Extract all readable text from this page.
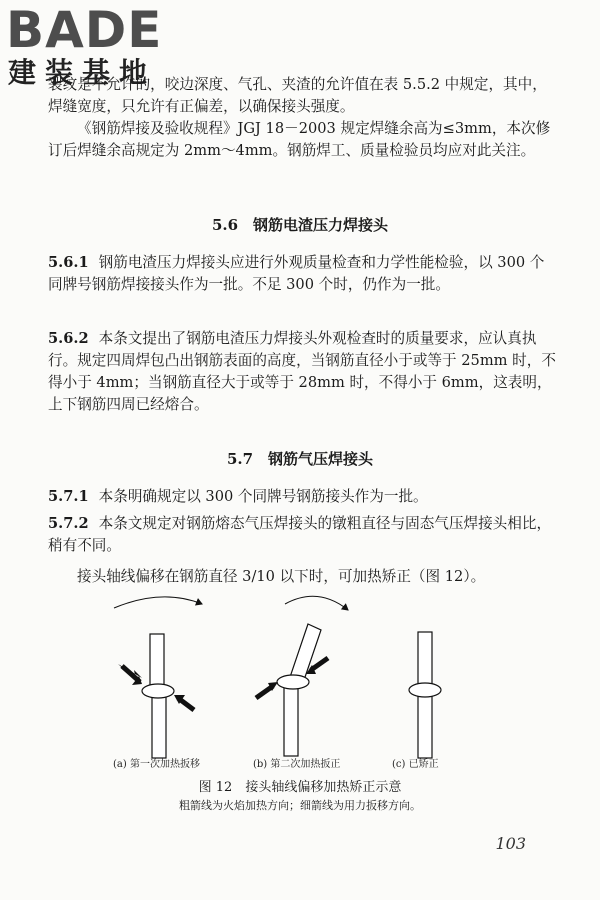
BADE
建装基地
裂纹是不允许的，咬边深度、气孔、夹渣的允许值在表 5.5.2 中规定，其中，焊缝宽度，只允许有正偏差，以确保接头强度。
《钢筋焊接及验收规程》JGJ 18－2003 规定焊缝余高为≤3mm，本次修订后焊缝余高规定为 2mm～4mm。钢筋焊工、质量检验员均应对此关注。
5.6　钢筋电渣压力焊接头
5.6.1 钢筋电渣压力焊接头应进行外观质量检查和力学性能检验，以 300 个同牌号钢筋焊接接头作为一批。不足 300 个时，仍作为一批。
5.6.2 本条文提出了钢筋电渣压力焊接头外观检查时的质量要求，应认真执行。规定四周焊包凸出钢筋表面的高度，当钢筋直径小于或等于 25mm 时，不得小于 4mm；当钢筋直径大于或等于 28mm 时，不得小于 6mm，这表明，上下钢筋四周已经熔合。
5.7　钢筋气压焊接头
5.7.1 本条明确规定以 300 个同牌号钢筋接头作为一批。
5.7.2 本条文规定对钢筋熔态气压焊接头的镦粗直径与固态气压焊接头相比，稍有不同。
接头轴线偏移在钢筋直径 3/10 以下时，可加热矫正（图 12）。
(a) 第一次加热扳移	(b) 第二次加热扳正	(c) 已矫正
图 12　接头轴线偏移加热矫正示意
粗箭线为火焰加热方向；细箭线为用力扳移方向。
103
